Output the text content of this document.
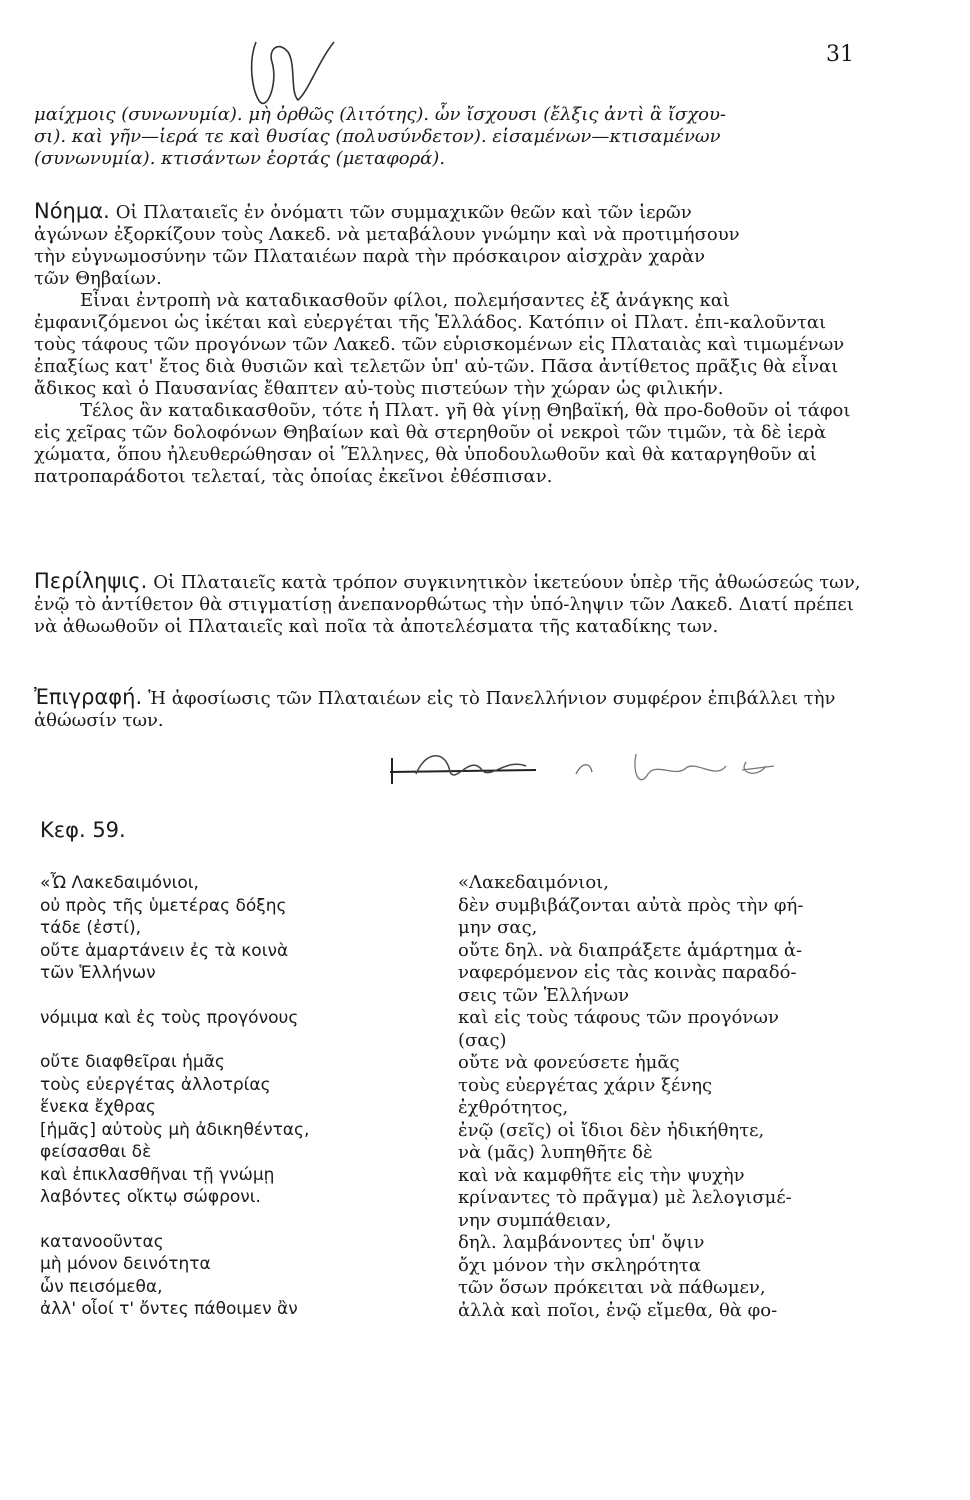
31

μαίχμοις (συνωνυμία). μὴ ὀρθῶς (λιτότης). ὧν ἴσχουσι (ἔλξις ἀντὶ ἃ ἴσχου-

σι). καὶ γῆν—ἱερά τε καὶ θυσίας (πολυσύνδετον). εἱσαμένων—κτισαμένων

(συνωνυμία). κτισάντων ἑορτάς (μεταφορά).

Νόημα. Οἱ Πλαταιεῖς ἐν ὀνόματι τῶν συμμαχικῶν θεῶν καὶ τῶν ἱερῶν

ἀγώνων ἐξορκίζουν τοὺς Λακεδ. νὰ μεταβάλουν γνώμην καὶ νὰ προτιμήσουν

τὴν εὐγνωμοσύνην τῶν Πλαταιέων παρὰ τὴν πρόσκαιρον αἰσχρὰν χαρὰν

τῶν Θηβαίων.

Εἶναι ἐντροπὴ νὰ καταδικασθοῦν φίλοι, πολεμήσαντες ἐξ ἀνάγκης καὶ ἐμφανιζόμενοι ὡς ἱκέται καὶ εὐεργέται τῆς Ἑλλάδος. Κατόπιν οἱ Πλατ. ἐπι-καλοῦνται τοὺς τάφους τῶν προγόνων τῶν Λακεδ. τῶν εὑρισκομένων εἰς Πλαταιὰς καὶ τιμωμένων ἐπαξίως κατ' ἔτος διὰ θυσιῶν καὶ τελετῶν ὑπ' αὐ-τῶν. Πᾶσα ἀντίθετος πρᾶξις θὰ εἶναι ἄδικος καὶ ὁ Παυσανίας ἔθαπτεν αὐ-τοὺς πιστεύων τὴν χώραν ὡς φιλικήν.

Τέλος ἂν καταδικασθοῦν, τότε ἡ Πλατ. γῆ θὰ γίνῃ Θηβαϊκή, θὰ προ-δοθοῦν οἱ τάφοι εἰς χεῖρας τῶν δολοφόνων Θηβαίων καὶ θὰ στερηθοῦν οἱ νεκροὶ τῶν τιμῶν, τὰ δὲ ἱερὰ χώματα, ὅπου ἠλευθερώθησαν οἱ Ἕλληνες, θὰ ὑποδουλωθοῦν καὶ θὰ καταργηθοῦν αἱ πατροπαράδοτοι τελεταί, τὰς ὁποίας ἐκεῖνοι ἐθέσπισαν.

Περίληψις. Οἱ Πλαταιεῖς κατὰ τρόπον συγκινητικὸν ἱκετεύουν ὑπὲρ τῆς ἀθωώσεώς των, ἐνῷ τὸ ἀντίθετον θὰ στιγματίσῃ ἀνεπανορθώτως τὴν ὑπό-ληψιν τῶν Λακεδ. Διατί πρέπει νὰ ἀθωωθοῦν οἱ Πλαταιεῖς καὶ ποῖα τὰ ἀποτελέσματα τῆς καταδίκης των.

Ἐπιγραφή. Ἡ ἀφοσίωσις τῶν Πλαταιέων εἰς τὸ Πανελλήνιον συμφέρον ἐπιβάλλει τὴν ἀθώωσίν των.

Κεφ. 59.
«Ὦ Λακεδαιμόνιοι,
οὐ πρὸς τῆς ὑμετέρας δόξης
τάδε (ἐστί),
οὔτε ἁμαρτάνειν ἐς τὰ κοινὰ
τῶν Ἑλλήνων
νόμιμα καὶ ἐς τοὺς προγόνους
οὔτε διαφθεῖραι ἡμᾶς
τοὺς εὐεργέτας ἀλλοτρίας
ἕνεκα ἔχθρας
[ἡμᾶς] αὐτοὺς μὴ ἀδικηθέντας,
φείσασθαι δὲ
καὶ ἐπικλασθῆναι τῇ γνώμῃ
λαβόντες οἴκτῳ σώφρονι.
κατανοοῦντας
μὴ μόνον δεινότητα
ὧν πεισόμεθα,
ἀλλ' οἷοί τ' ὄντες πάθοιμεν ἂν
«Λακεδαιμόνιοι,
δὲν συμβιβάζονται αὐτὰ πρὸς τὴν φή-
μην σας,
οὔτε δηλ. νὰ διαπράξετε ἁμάρτημα ἀ-
ναφερόμενον εἰς τὰς κοινὰς παραδό-
σεις τῶν Ἑλλήνων
καὶ εἰς τοὺς τάφους τῶν προγόνων
(σας)
οὔτε νὰ φονεύσετε ἡμᾶς
τοὺς εὐεργέτας χάριν ξένης
ἐχθρότητος,
ἐνῷ (σεῖς) οἱ ἴδιοι δὲν ἠδικήθητε,
νὰ (μᾶς) λυπηθῆτε δὲ
καὶ νὰ καμφθῆτε εἰς τὴν ψυχὴν
κρίναντες τὸ πρᾶγμα) μὲ λελογισμέ-
νην συμπάθειαν,
δηλ. λαμβάνοντες ὑπ' ὄψιν
ὄχι μόνον τὴν σκληρότητα
τῶν ὅσων πρόκειται νὰ πάθωμεν,
ἀλλὰ καὶ ποῖοι, ἐνῷ εἴμεθα, θὰ φο-
